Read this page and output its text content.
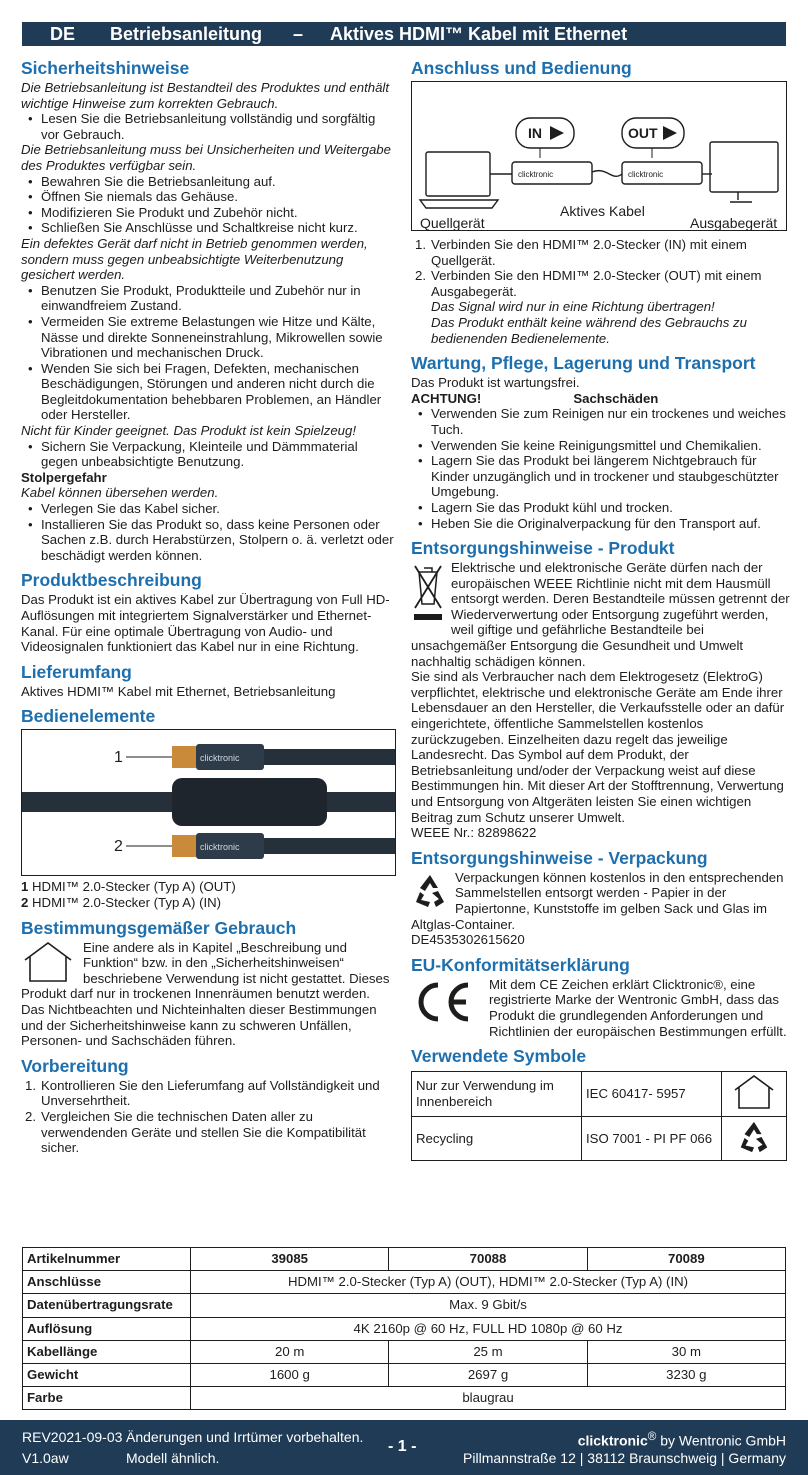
DE Betriebsanleitung – Aktives HDMI™ Kabel mit Ethernet
Sicherheitshinweise

Die Betriebsanleitung ist Bestandteil des Produktes und enthält wichtige Hinweise zum korrekten Gebrauch.

• Lesen Sie die Betriebsanleitung vollständig und sorgfältig vor Gebrauch.

Die Betriebsanleitung muss bei Unsicherheiten und Weitergabe des Produktes verfügbar sein.

• Bewahren Sie die Betriebsanleitung auf.
• Öffnen Sie niemals das Gehäuse.
• Modifizieren Sie Produkt und Zubehör nicht.
• Schließen Sie Anschlüsse und Schaltkreise nicht kurz.

Ein defektes Gerät darf nicht in Betrieb genommen werden, sondern muss gegen unbeabsichtigte Weiterbenutzung gesichert werden.

• Benutzen Sie Produkt, Produktteile und Zubehör nur in einwandfreiem Zustand.
• Vermeiden Sie extreme Belastungen wie Hitze und Kälte, Nässe und direkte Sonneneinstrahlung, Mikrowellen sowie Vibrationen und mechanischen Druck.
• Wenden Sie sich bei Fragen, Defekten, mechanischen Beschädigungen, Störungen und anderen nicht durch die Begleitdokumentation behebbaren Problemen, an Händler oder Hersteller.

Nicht für Kinder geeignet. Das Produkt ist kein Spielzeug!

• Sichern Sie Verpackung, Kleinteile und Dämmmaterial gegen unbeabsichtigte Benutzung.

Stolpergefahr

Kabel können übersehen werden.

• Verlegen Sie das Kabel sicher.
• Installieren Sie das Produkt so, dass keine Personen oder Sachen z.B. durch Herabstürzen, Stolpern o. ä. verletzt oder beschädigt werden können.
Produktbeschreibung

Das Produkt ist ein aktives Kabel zur Übertragung von Full HD-Auflösungen mit integriertem Signalverstärker und Ethernet-Kanal. Für eine optimale Übertragung von Audio- und Videosignalen funktioniert das Kabel nur in eine Richtung.

Lieferumfang

Aktives HDMI™ Kabel mit Ethernet, Betriebsanleitung

Bedienelemente
1	clicktronic
2	clicktronic

1 HDMI™ 2.0-Stecker (Typ A) (OUT)

2 HDMI™ 2.0-Stecker (Typ A) (IN)

Bestimmungsgemäßer Gebrauch

Eine andere als in Kapitel „Beschreibung und Funktion“ bzw. in den „Sicherheitshinweisen“ beschriebene Verwendung ist nicht gestattet. Dieses Produkt darf nur in trockenen Innenräumen benutzt werden. Das Nichtbeachten und Nichteinhalten dieser Bestimmungen und der Sicherheitshinweise kann zu schweren Unfällen, Personen- und Sachschäden führen.

Vorbereitung
1. Kontrollieren Sie den Lieferumfang auf Vollständigkeit und Unversehrtheit.
2. Vergleichen Sie die technischen Daten aller zu verwendenden Geräte und stellen Sie die Kompatibilität sicher.
Anschluss und Bedienung
IN	OUT
clicktronic	clicktronic
Quellgerät
Aktives Kabel
Ausgabegerät
1. Verbinden Sie den HDMI™ 2.0-Stecker (IN) mit einem Quellgerät.
2. Verbinden Sie den HDMI™ 2.0-Stecker (OUT) mit einem Ausgabegerät.
Das Signal wird nur in eine Richtung übertragen!
Das Produkt enthält keine während des Gebrauchs zu bedienenden Bedienelemente.
Wartung, Pflege, Lagerung und Transport

Das Produkt ist wartungsfrei.

ACHTUNG!	Sachschäden

• Verwenden Sie zum Reinigen nur ein trockenes und weiches Tuch.
• Verwenden Sie keine Reinigungsmittel und Chemikalien.
• Lagern Sie das Produkt bei längerem Nichtgebrauch für Kinder unzugänglich und in trockener und staubgeschützter Umgebung.
• Lagern Sie das Produkt kühl und trocken.
• Heben Sie die Originalverpackung für den Transport auf.
Entsorgungshinweise - Produkt

Elektrische und elektronische Geräte dürfen nach der europäischen WEEE Richtlinie nicht mit dem Hausmüll entsorgt werden. Deren Bestandteile müssen getrennt der Wiederverwertung oder Entsorgung zugeführt werden, weil giftige und gefährliche Bestandteile bei unsachgemäßer Entsorgung die Gesundheit und Umwelt nachhaltig schädigen können.

Sie sind als Verbraucher nach dem Elektrogesetz (ElektroG) verpflichtet, elektrische und elektronische Geräte am Ende ihrer Lebensdauer an den Hersteller, die Verkaufsstelle oder an dafür eingerichtete, öffentliche Sammelstellen kostenlos zurückzugeben. Einzelheiten dazu regelt das jeweilige Landesrecht. Das Symbol auf dem Produkt, der Betriebsanleitung und/oder der Verpackung weist auf diese Bestimmungen hin. Mit dieser Art der Stofftrennung, Verwertung und Entsorgung von Altgeräten leisten Sie einen wichtigen Beitrag zum Schutz unserer Umwelt.

WEEE Nr.: 82898622

Entsorgungshinweise - Verpackung

Verpackungen können kostenlos in den entsprechenden Sammelstellen entsorgt werden - Papier in der Papiertonne, Kunststoffe im gelben Sack und Glas im Altglas-Container.

DE4535302615620

EU-Konformitätserklärung

Mit dem CE Zeichen erklärt Clicktronic®, eine registrierte Marke der Wentronic GmbH, dass das Produkt die grundlegenden Anforderungen und Richtlinien der europäischen Bestimmungen erfüllt.

Verwendete Symbole
Nur zur Verwendung im Innenbereich	IEC 60417- 5957	
Recycling	ISO 7001 - PI PF 066	
Artikelnummer	39085	70088	70089
Anschlüsse	HDMI™ 2.0-Stecker (Typ A) (OUT), HDMI™ 2.0-Stecker (Typ A) (IN)		
Datenübertragungsrate	Max. 9 Gbit/s		
Auflösung	4K 2160p @ 60 Hz, FULL HD 1080p @ 60 Hz		
Kabellänge	20 m	25 m	30 m
Gewicht	1600 g	2697 g	3230 g
Farbe	blaugrau		
REV2021-09-03
V1.0aw
Änderungen und Irrtümer vorbehalten.
Modell ähnlich.
- 1 -	clicktronic® by Wentronic GmbH
Pillmannstraße 12 | 38112 Braunschweig | Germany
